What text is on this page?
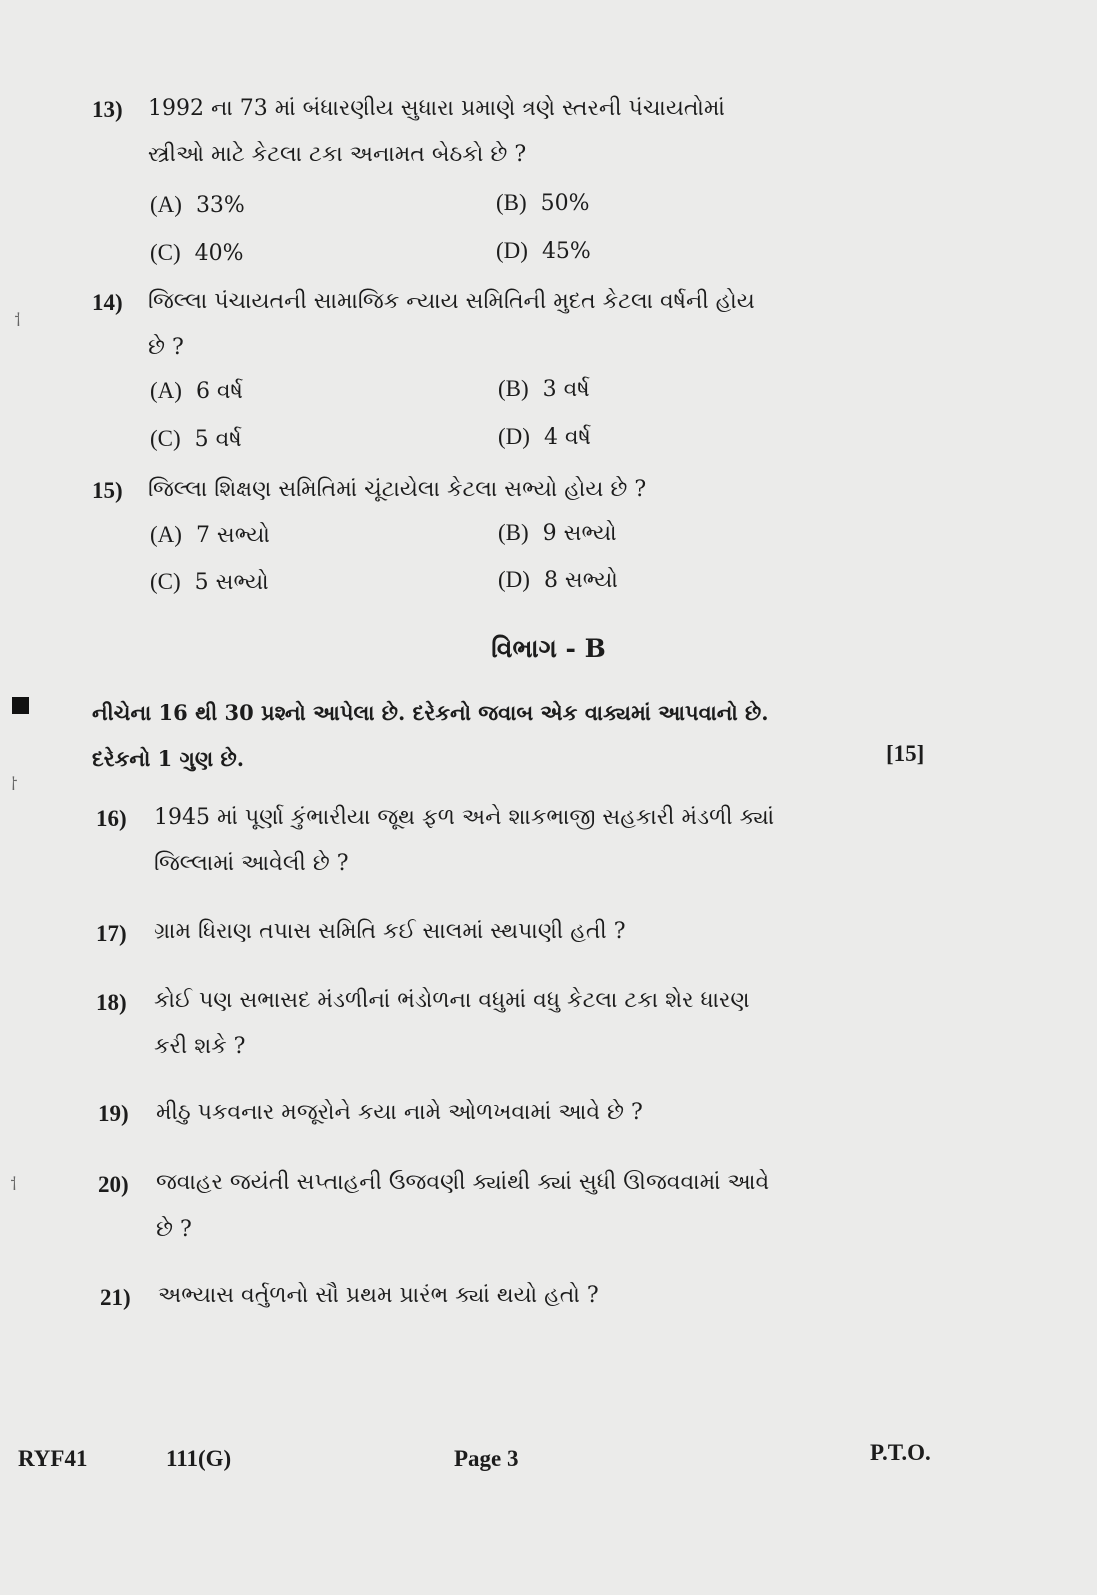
13) 1992 ના 73 માં બંધારણીય સુધારા પ્રમાણે ત્રણે સ્તરની પંચાયતોમાં
સ્ત્રીઓ માટે કેટલા ટકા અનામત બેઠકો છે ?
(A) 33%	(B) 50%
(C) 40%	(D) 45%
14) જિલ્લા પંચાયતની સામાજિક ન્યાય સમિતિની મુદત કેટલા વર્ષની હોય
છે ?
(A) 6 વર્ષ	(B) 3 વર્ષ
(C) 5 વર્ષ	(D) 4 વર્ષ
15) જિલ્લા શિક્ષણ સમિતિમાં ચૂંટાયેલા કેટલા સભ્યો હોય છે ?
(A) 7 સભ્યો	(B) 9 સભ્યો
(C) 5 સભ્યો	(D) 8 સભ્યો
વિભાગ - B
નીચેના 16 થી 30 પ્રશ્નો આપેલા છે. દરેકનો જવાબ એક વાક્યમાં આપવાનો છે.
દરેકનો 1 ગુણ છે.	[15]
16) 1945 માં પૂર્ણા કુંભારીયા જૂથ ફળ અને શાકભાજી સહકારી મંડળી ક્યાં
જિલ્લામાં આવેલી છે ?
17) ગ્રામ ધિરાણ તપાસ સમિતિ કઈ સાલમાં સ્થપાણી હતી ?
18) કોઈ પણ સભાસદ મંડળીનાં ભંડોળના વધુમાં વધુ કેટલા ટકા શેર ધારણ
કરી શકે ?
19) મીઠુ પકવનાર મજૂરોને કયા નામે ઓળખવામાં આવે છે ?
20) જવાહર જયંતી સપ્તાહની ઉજવણી ક્યાંથી ક્યાં સુધી ઊજવવામાં આવે
છે ?
21) અભ્યાસ વર્તુળનો સૌ પ્રથમ પ્રારંભ ક્યાં થયો હતો ?
⸶
⸷
⸶
RYF41	111(G)	Page 3	P.T.O.
